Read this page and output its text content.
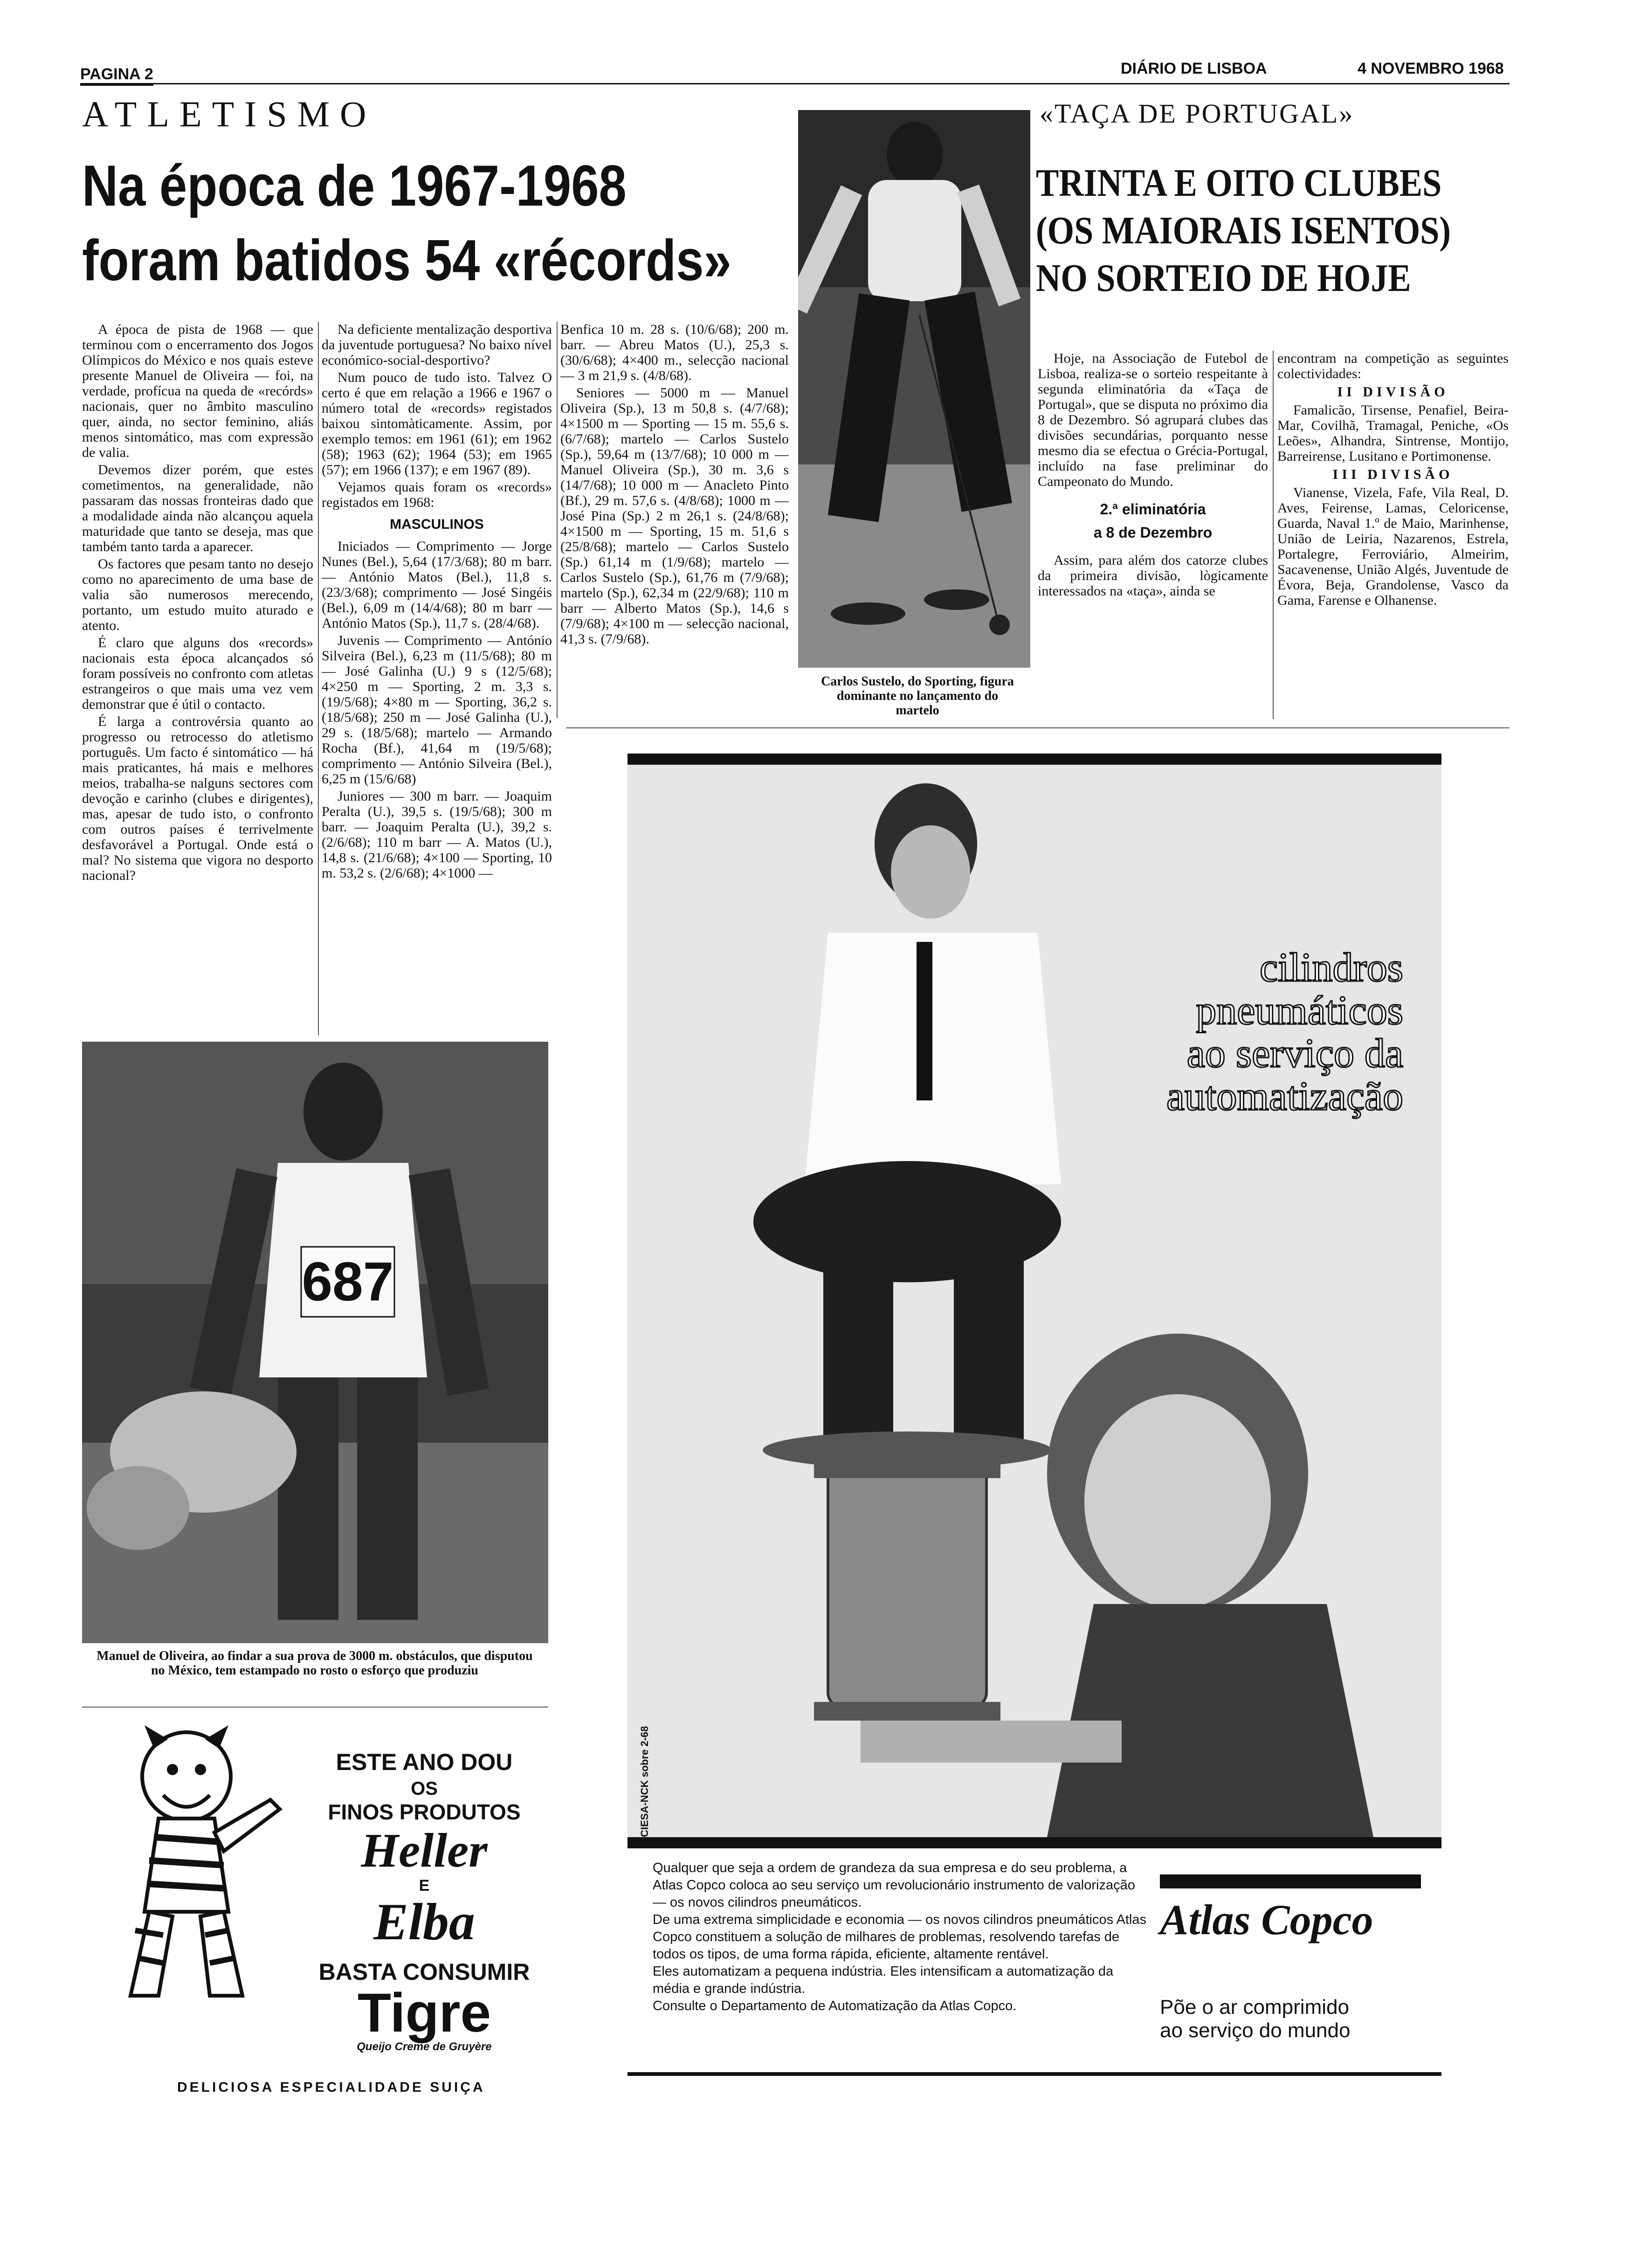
PAGINA 2	DIÁRIO DE LISBOA	4 NOVEMBRO 1968
ATLETISMO
Na época de 1967-1968
foram batidos 54 «récords»

A época de pista de 1968 — que terminou com o encerramento dos Jogos Olímpicos do México e nos quais esteve presente Manuel de Oliveira — foi, na verdade, profícua na queda de «recórds» nacionais, quer no âmbito masculino quer, ainda, no sector feminino, aliás menos sintomático, mas com expressão de valia.

Devemos dizer porém, que estes cometimentos, na generalidade, não passaram das nossas fronteiras dado que a modalidade ainda não alcançou aquela maturidade que tanto se deseja, mas que também tanto tarda a aparecer.

Os factores que pesam tanto no desejo como no aparecimento de uma base de valia são numerosos merecendo, portanto, um estudo muito aturado e atento.

É claro que alguns dos «records» nacionais esta época alcançados só foram possíveis no confronto com atletas estrangeiros o que mais uma vez vem demonstrar que é útil o contacto.

É larga a controvérsia quanto ao progresso ou retrocesso do atletismo português. Um facto é sintomático — há mais praticantes, há mais e melhores meios, trabalha-se nalguns sectores com devoção e carinho (clubes e dirigentes), mas, apesar de tudo isto, o confronto com outros países é terrivelmente desfavorável a Portugal. Onde está o mal? No sistema que vigora no desporto nacional?

Na deficiente mentalização desportiva da juventude portuguesa? No baixo nível económico-social-desportivo?

Num pouco de tudo isto. Talvez O certo é que em relação a 1966 e 1967 o número total de «records» registados baixou sintomàticamente. Assim, por exemplo temos: em 1961 (61); em 1962 (58); 1963 (62); 1964 (53); em 1965 (57); em 1966 (137); e em 1967 (89).

Vejamos quais foram os «records» registados em 1968:

MASCULINOS

Iniciados — Comprimento — Jorge Nunes (Bel.), 5,64 (17/3/68); 80 m barr. — António Matos (Bel.), 11,8 s. (23/3/68); comprimento — José Singéis (Bel.), 6,09 m (14/4/68); 80 m barr — António Matos (Sp.), 11,7 s. (28/4/68).

Juvenis — Comprimento — António Silveira (Bel.), 6,23 m (11/5/68); 80 m — José Galinha (U.) 9 s (12/5/68); 4×250 m — Sporting, 2 m. 3,3 s. (19/5/68); 4×80 m — Sporting, 36,2 s. (18/5/68); 250 m — José Galinha (U.), 29 s. (18/5/68); martelo — Armando Rocha (Bf.), 41,64 m (19/5/68); comprimento — António Silveira (Bel.), 6,25 m (15/6/68)

Juniores — 300 m barr. — Joaquim Peralta (U.), 39,5 s. (19/5/68); 300 m barr. — Joaquim Peralta (U.), 39,2 s. (2/6/68); 110 m barr — A. Matos (U.), 14,8 s. (21/6/68); 4×100 — Sporting, 10 m. 53,2 s. (2/6/68); 4×1000 —

Benfica 10 m. 28 s. (10/6/68); 200 m. barr. — Abreu Matos (U.), 25,3 s. (30/6/68); 4×400 m., selecção nacional — 3 m 21,9 s. (4/8/68).

Seniores — 5000 m — Manuel Oliveira (Sp.), 13 m 50,8 s. (4/7/68); 4×1500 m — Sporting — 15 m. 55,6 s. (6/7/68); martelo — Carlos Sustelo (Sp.), 59,64 m (13/7/68); 10 000 m — Manuel Oliveira (Sp.), 30 m. 3,6 s (14/7/68); 10 000 m — Anacleto Pinto (Bf.), 29 m. 57,6 s. (4/8/68); 1000 m — José Pina (Sp.) 2 m 26,1 s. (24/8/68); 4×1500 m — Sporting, 15 m. 51,6 s (25/8/68); martelo — Carlos Sustelo (Sp.) 61,14 m (1/9/68); martelo — Carlos Sustelo (Sp.), 61,76 m (7/9/68); martelo (Sp.), 62,34 m (22/9/68); 110 m barr — Alberto Matos (Sp.), 14,6 s (7/9/68); 4×100 m — selecção nacional, 41,3 s. (7/9/68).

Carlos Sustelo, do Sporting, figura dominante no lançamento do martelo
687
Manuel de Oliveira, ao findar a sua prova de 3000 m. obstáculos, que disputou no México, tem estampado no rosto o esforço que produziu
«TAÇA DE PORTUGAL»
TRINTA E OITO CLUBES
(OS MAIORAIS ISENTOS)
NO SORTEIO DE HOJE

Hoje, na Associação de Futebol de Lisboa, realiza-se o sorteio respeitante à segunda eliminatória da «Taça de Portugal», que se disputa no próximo dia 8 de Dezembro. Só agrupará clubes das divisões secundárias, porquanto nesse mesmo dia se efectua o Grécia-Portugal, incluído na fase preliminar do Campeonato do Mundo.

2.ª eliminatória
a 8 de Dezembro

Assim, para além dos catorze clubes da primeira divisão, lògicamente interessados na «taça», ainda se

encontram na competição as seguintes colectividades:

II DIVISÃO

Famalicão, Tirsense, Penafiel, Beira-Mar, Covilhã, Tramagal, Peniche, «Os Leões», Alhandra, Sintrense, Montijo, Barreirense, Lusitano e Portimonense.

III DIVISÃO

Vianense, Vizela, Fafe, Vila Real, D. Aves, Feirense, Lamas, Celoricense, Guarda, Naval 1.º de Maio, Marinhense, União de Leiria, Nazarenos, Estrela, Portalegre, Ferroviário, Almeirim, Sacavenense, União Algés, Juventude de Évora, Beja, Grandolense, Vasco da Gama, Farense e Olhanense.

cilindros
pneumáticos
ao serviço da
automatização
CIESA-NCK sobre 2-68
Qualquer que seja a ordem de grandeza da sua empresa e do seu problema, a Atlas Copco coloca ao seu serviço um revolucionário instrumento de valorização — os novos cilindros pneumáticos.
De uma extrema simplicidade e economia — os novos cilindros pneumáticos Atlas Copco constituem a solução de milhares de problemas, resolvendo tarefas de todos os tipos, de uma forma rápida, eficiente, altamente rentável.
Eles automatizam a pequena indústria. Eles intensificam a automatização da média e grande indústria.
Consulte o Departamento de Automatização da Atlas Copco.
Atlas Copco
Põe o ar comprimido
ao serviço do mundo
ESTE ANO DOU
OS
FINOS PRODUTOS
Heller
E
Elba
BASTA CONSUMIR
Tigre
Queijo Creme de Gruyère
DELICIOSA ESPECIALIDADE SUIÇA
